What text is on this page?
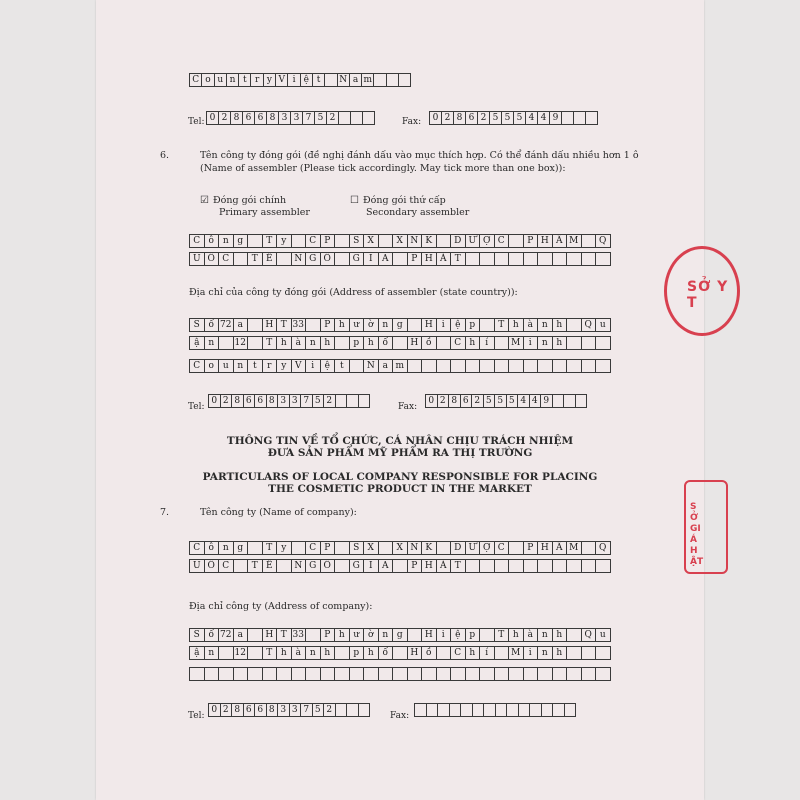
C o u n t r y V i ệ t	N a m
Tel: 0 2 8 6 6 8 3 3 7 5 2	Fax: 0 2 8 6 2 5 5 5 4 4 9
6.	Tên công ty đóng gói (đề nghị đánh dấu vào mục thích hợp. Có thể đánh dấu nhiều hơn 1 ô
(Name of assembler (Please tick accordingly. May tick more than one box)):
☑ Đóng gói chính
Primary assembler
☐ Đóng gói thứ cấp
Secondary assembler
C ô n g	T y	C P	S X	X N K	D Ư Ợ C	P H Ẩ M	Q
U Ố C	T Ế	N G Ô	G	I	A	P H Á T
Địa chỉ của công ty đóng gói (Address of assembler (state country)):
S ố 72 a	H T 33	P h ư ờ n g	H	i	ệ p	T h à n h	Q u
ậ n	12	T h à n h	p h ố	H ồ	C h	í	M i	n h
C o u n	t	r	y V	i	ệ	t	N a m
Tel:
0 2 8 6 6 8 3 3 7 5 2
Fax:
0 2 8 6 2 5 5 5 4 4 9
THÔNG TIN VỀ TỔ CHỨC, CÁ NHÂN CHỊU TRÁCH NHIỆM
ĐƯA SẢN PHẨM MỸ PHẨM RA THỊ TRƯỜNG
PARTICULARS OF LOCAL COMPANY RESPONSIBLE FOR PLACING
THE COSMETIC PRODUCT IN THE MARKET
7.	Tên công ty (Name of company):
C ô n g	T y	C P	S X	X N K	D Ư Ợ C	P H Ẩ M	Q
U Ố C	T Ế	N G Ô	G	I	A	P H Á T
Địa chỉ công ty (Address of company):
S ố 72 a	H T 33	P h ư ờ n g	H	i	ệ p	T h à n h	Q u
ậ n	12	T h à n h	p h ố	H ồ	C h	í	M i	n h
Tel:
0 2 8 6 6 8 3 3 7 5 2
Fax:
SỞ Y T
SỞ GIÁ HẬT
